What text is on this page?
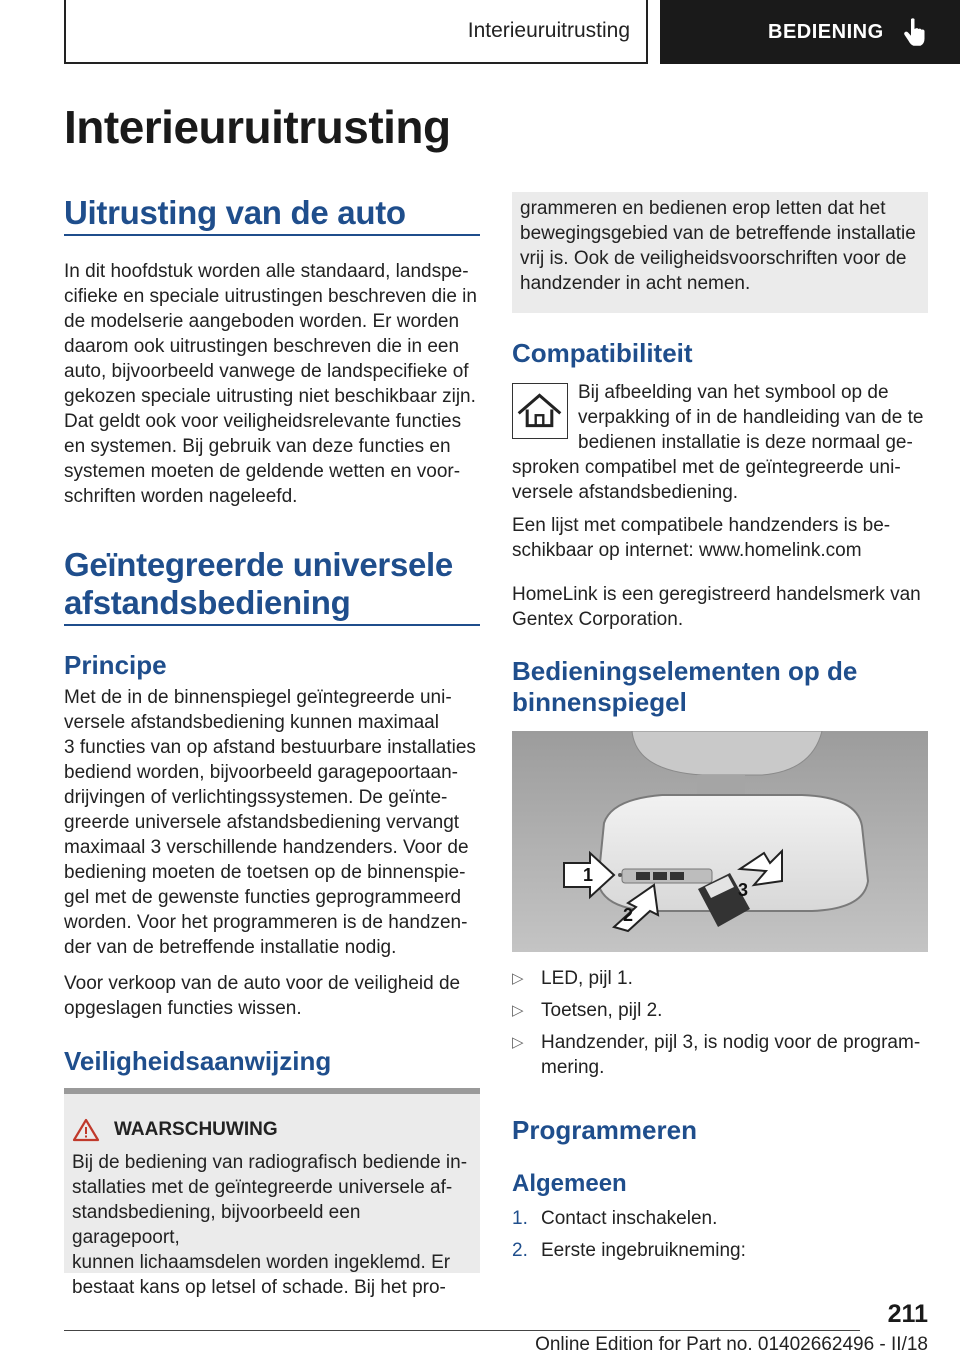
Interieuruitrusting	BEDIENING
Interieuruitrusting
Uitrusting van de auto
In dit hoofdstuk worden alle standaard, landspe‐
cifieke en speciale uitrustingen beschreven die in
de modelserie aangeboden worden. Er worden
daarom ook uitrustingen beschreven die in een
auto, bijvoorbeeld vanwege de landspecifieke of
gekozen speciale uitrusting niet beschikbaar zijn.
Dat geldt ook voor veiligheidsrelevante functies
en systemen. Bij gebruik van deze functies en
systemen moeten de geldende wetten en voor‐
schriften worden nageleefd.
Geïntegreerde universele
afstandsbediening
Principe
Met de in de binnenspiegel geïntegreerde uni‐
versele afstandsbediening kunnen maximaal
3 functies van op afstand bestuurbare installaties
bediend worden, bijvoorbeeld garagepoortaan‐
drijvingen of verlichtingssystemen. De geïnte‐
greerde universele afstandsbediening vervangt
maximaal 3 verschillende handzenders. Voor de
bediening moeten de toetsen op de binnenspie‐
gel met de gewenste functies geprogrammeerd
worden. Voor het programmeren is de handzen‐
der van de betreffende installatie nodig.
Voor verkoop van de auto voor de veiligheid de
opgeslagen functies wissen.
Veiligheidsaanwijzing
WAARSCHUWING
Bij de bediening van radiografisch bediende in‐
stallaties met de geïntegreerde universele af‐
standsbediening, bijvoorbeeld een garagepoort,
kunnen lichaamsdelen worden ingeklemd. Er
bestaat kans op letsel of schade. Bij het pro‐
grammeren en bedienen erop letten dat het
bewegingsgebied van de betreffende installatie
vrij is. Ook de veiligheidsvoorschriften voor de
handzender in acht nemen.
Compatibiliteit
Bij afbeelding van het symbool op de
verpakking of in de handleiding van de te
bedienen installatie is deze normaal ge‐
sproken compatibel met de geïntegreerde uni‐
versele afstandsbediening.
Een lijst met compatibele handzenders is be‐
schikbaar op internet: www.homelink.com
HomeLink is een geregistreerd handelsmerk van
Gentex Corporation.
Bedieningselementen op de
binnenspiegel
1
2
3
▷ LED, pijl 1.
▷ Toetsen, pijl 2.
▷ Handzender, pijl 3, is nodig voor de program‐
mering.
Programmeren
Algemeen
1. Contact inschakelen.
2. Eerste ingebruikneming:
211
Online Edition for Part no. 01402662496 - II/18
